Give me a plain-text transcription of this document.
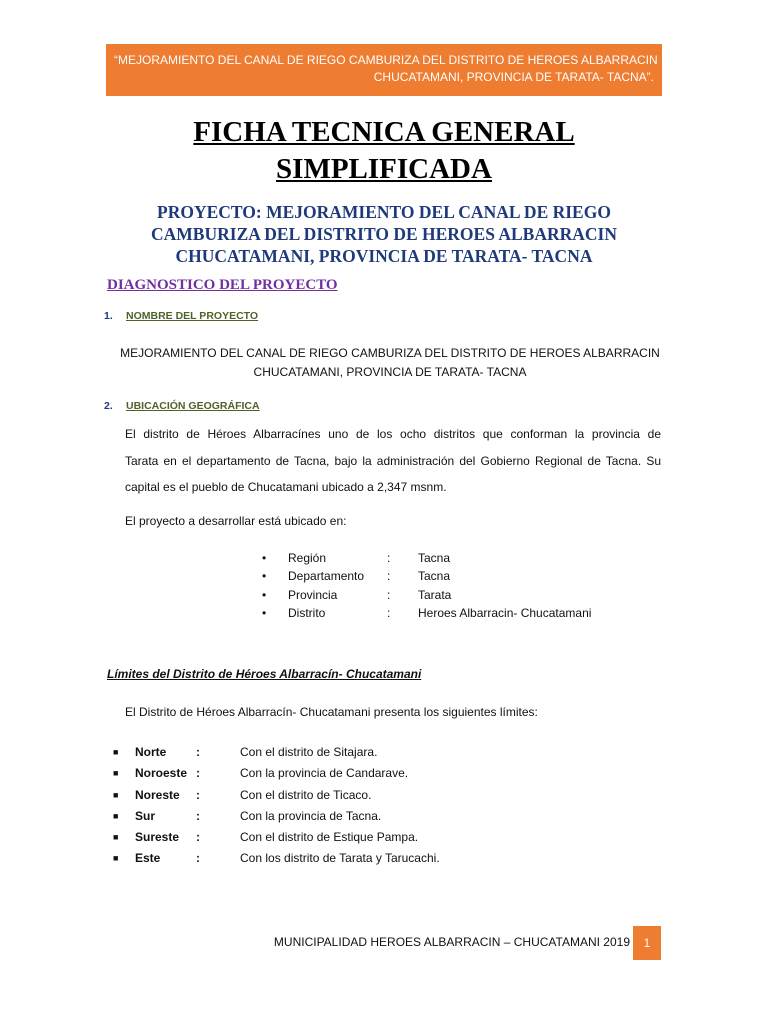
“MEJORAMIENTO DEL CANAL DE RIEGO CAMBURIZA DEL DISTRITO DE HEROES ALBARRACIN
CHUCATAMANI, PROVINCIA DE TARATA- TACNA”.
FICHA TECNICA GENERAL
SIMPLIFICADA
PROYECTO: MEJORAMIENTO DEL CANAL DE RIEGO
CAMBURIZA DEL DISTRITO DE HEROES ALBARRACIN
CHUCATAMANI, PROVINCIA DE TARATA- TACNA
DIAGNOSTICO DEL PROYECTO
1. NOMBRE DEL PROYECTO
MEJORAMIENTO DEL CANAL DE RIEGO CAMBURIZA DEL DISTRITO DE HEROES ALBARRACIN
CHUCATAMANI, PROVINCIA DE TARATA- TACNA
2. UBICACIÓN GEOGRÁFICA
El distrito de Héroes Albarracínes uno de los ocho distritos que conforman la provincia de
Tarata en el departamento de Tacna, bajo la administración del Gobierno Regional de Tacna. Su
capital es el pueblo de Chucatamani ubicado a 2,347 msnm.
El proyecto a desarrollar está ubicado en:
• Región	: Tacna
• Departamento : Tacna
• Provincia	: Tarata
• Distrito	: Heroes Albarracin- Chucatamani
Límites del Distrito de Héroes Albarracín- Chucatamani
El Distrito de Héroes Albarracín- Chucatamani presenta los siguientes límites:
■ Norte :	Con el distrito de Sitajara.
■ Noroeste :	Con la provincia de Candarave.
■ Noreste :	Con el distrito de Ticaco.
■ Sur	:	Con la provincia de Tacna.
■ Sureste :	Con el distrito de Estique Pampa.
■ Este	:	Con los distrito de Tarata y Tarucachi.
MUNICIPALIDAD HEROES ALBARRACIN – CHUCATAMANI 2019	1
